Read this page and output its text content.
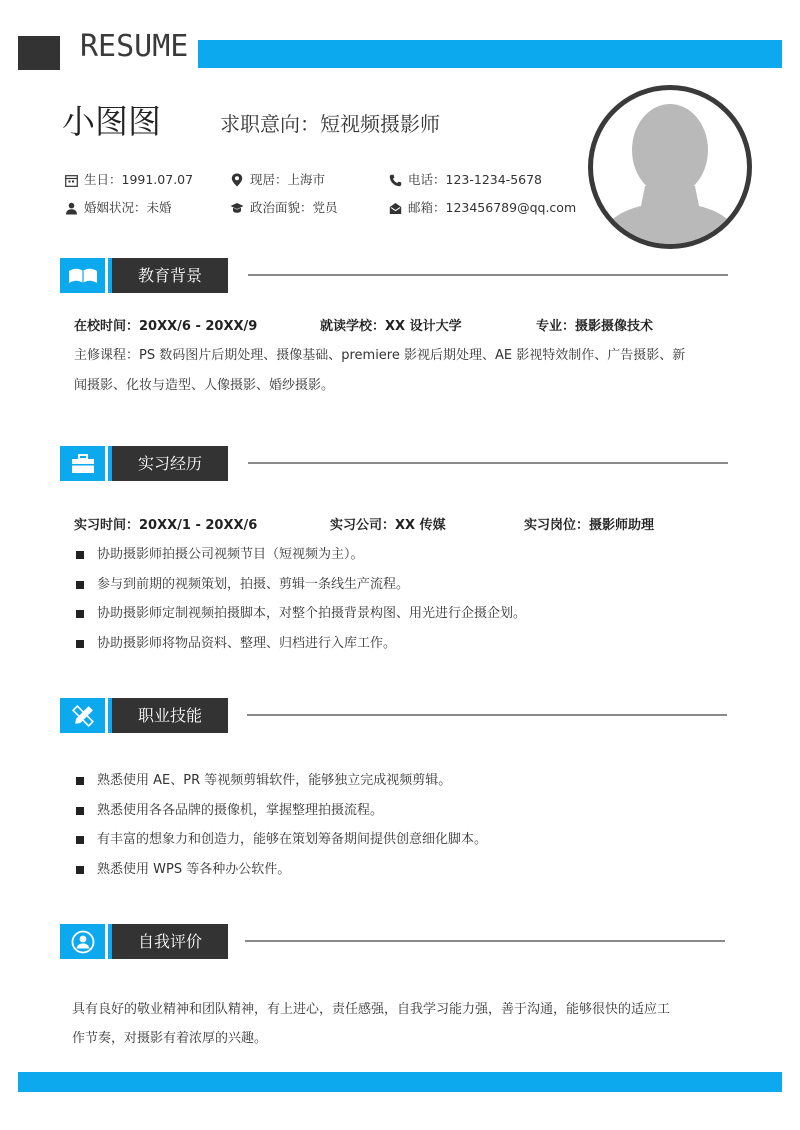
RESUME
小图图	求职意向：短视频摄影师
生日：1991.07.07	现居：上海市	电话：123-1234-5678
婚姻状况：未婚	政治面貌：党员	邮箱：123456789@qq.com
教育背景
在校时间：20XX/6 - 20XX/9	就读学校：XX 设计大学	专业：摄影摄像技术
主修课程：PS 数码图片后期处理、摄像基础、premiere 影视后期处理、AE 影视特效制作、广告摄影、新
闻摄影、化妆与造型、人像摄影、婚纱摄影。
实习经历
实习时间：20XX/1 - 20XX/6	实习公司：XX 传媒	实习岗位：摄影师助理
协助摄影师拍摄公司视频节目（短视频为主）。
参与到前期的视频策划，拍摄、剪辑一条线生产流程。
协助摄影师定制视频拍摄脚本，对整个拍摄背景构图、用光进行企摄企划。
协助摄影师将物品资料、整理、归档进行入库工作。
职业技能
熟悉使用 AE、PR 等视频剪辑软件，能够独立完成视频剪辑。
熟悉使用各各品牌的摄像机，掌握整理拍摄流程。
有丰富的想象力和创造力，能够在策划筹备期间提供创意细化脚本。
熟悉使用 WPS 等各种办公软件。
自我评价
具有良好的敬业精神和团队精神，有上进心，责任感强，自我学习能力强，善于沟通，能够很快的适应工
作节奏，对摄影有着浓厚的兴趣。
